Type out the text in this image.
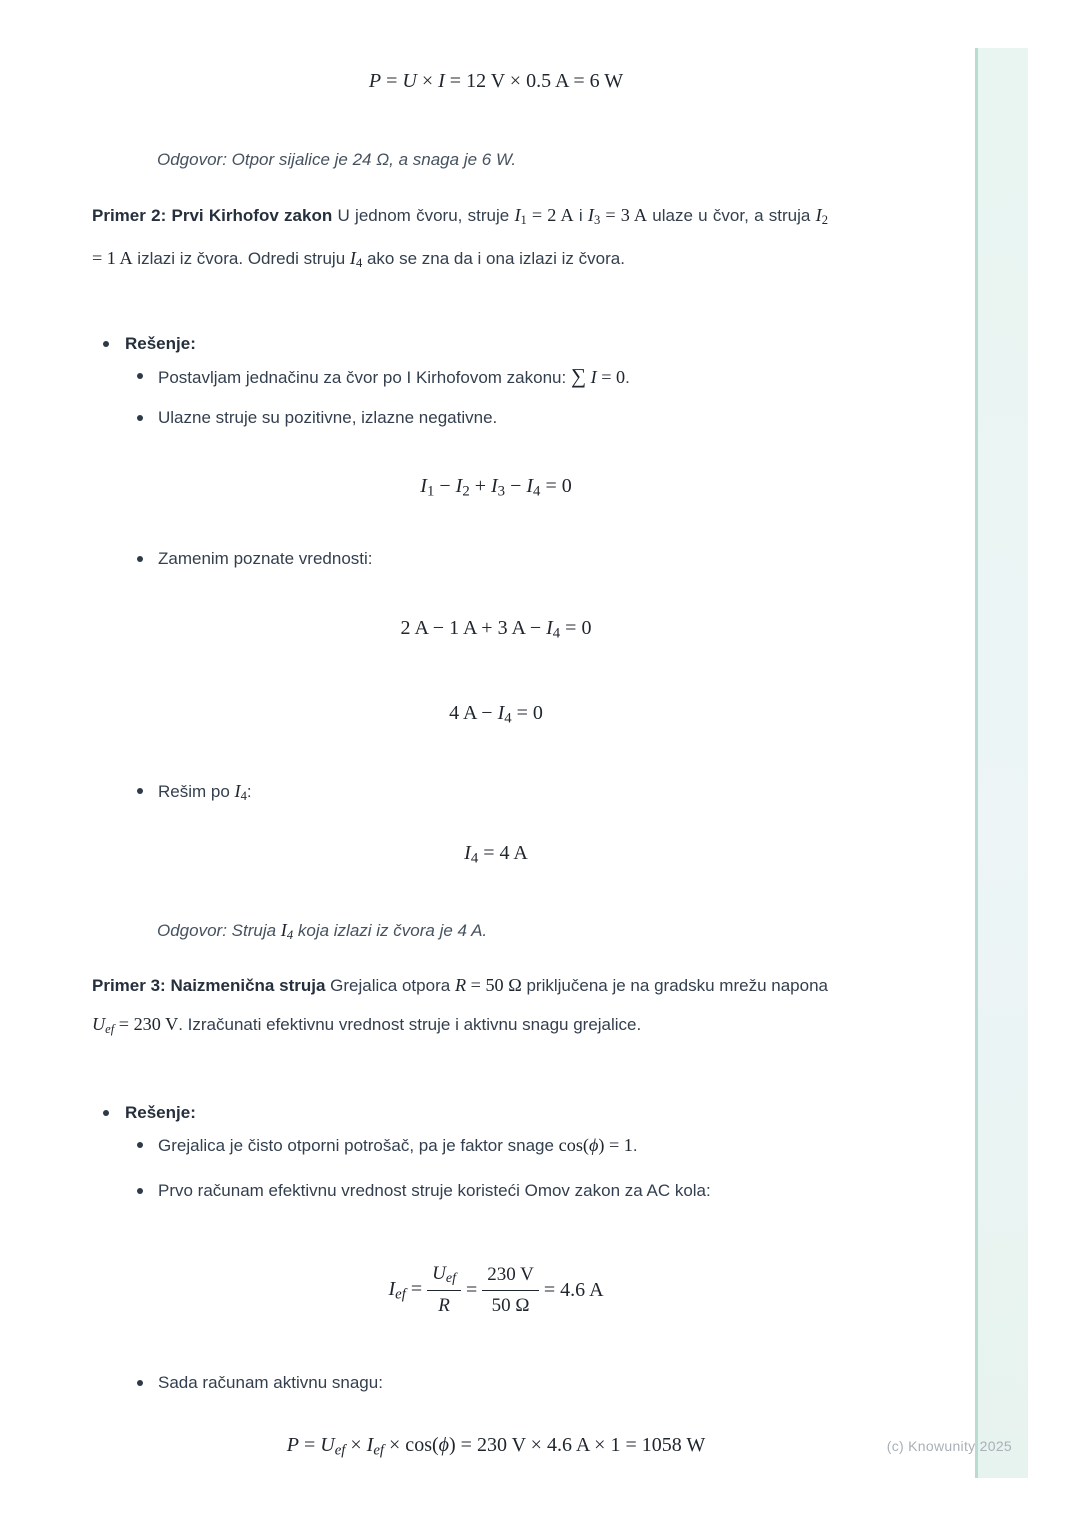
P = U × I = 12 V × 0.5 A = 6 W
Odgovor: Otpor sijalice je 24 Ω, a snaga je 6 W.
Primer 2: Prvi Kirhofov zakon U jednom čvoru, struje I1 = 2 A i I3 = 3 A ulaze u čvor, a struja I2 = 1 A izlazi iz čvora. Odredi struju I4 ako se zna da i ona izlazi iz čvora.
Rešenje:
Postavljam jednačinu za čvor po I Kirhofovom zakonu: ∑ I = 0.
Ulazne struje su pozitivne, izlazne negativne.
I1 − I2 + I3 − I4 = 0
Zamenim poznate vrednosti:
2 A − 1 A + 3 A − I4 = 0
4 A − I4 = 0
Rešim po I4:
I4 = 4 A
Odgovor: Struja I4 koja izlazi iz čvora je 4 A.
Primer 3: Naizmenična struja Grejalica otpora R = 50 Ω priključena je na gradsku mrežu napona Uef = 230 V. Izračunati efektivnu vrednost struje i aktivnu snagu grejalice.
Rešenje:
Grejalica je čisto otporni potrošač, pa je faktor snage cos(ϕ) = 1.
Prvo računam efektivnu vrednost struje koristeći Omov zakon za AC kola:
Ief = $\frac{\text{Uef}}{R} = \frac{230 V}{50 \Omega} = 4.6$ A
Sada računam aktivnu snagu:
P = Uef × Ief × cos(ϕ) = 230 V × 4.6 A × 1 = 1058 W	(c) Knowunity 2025
